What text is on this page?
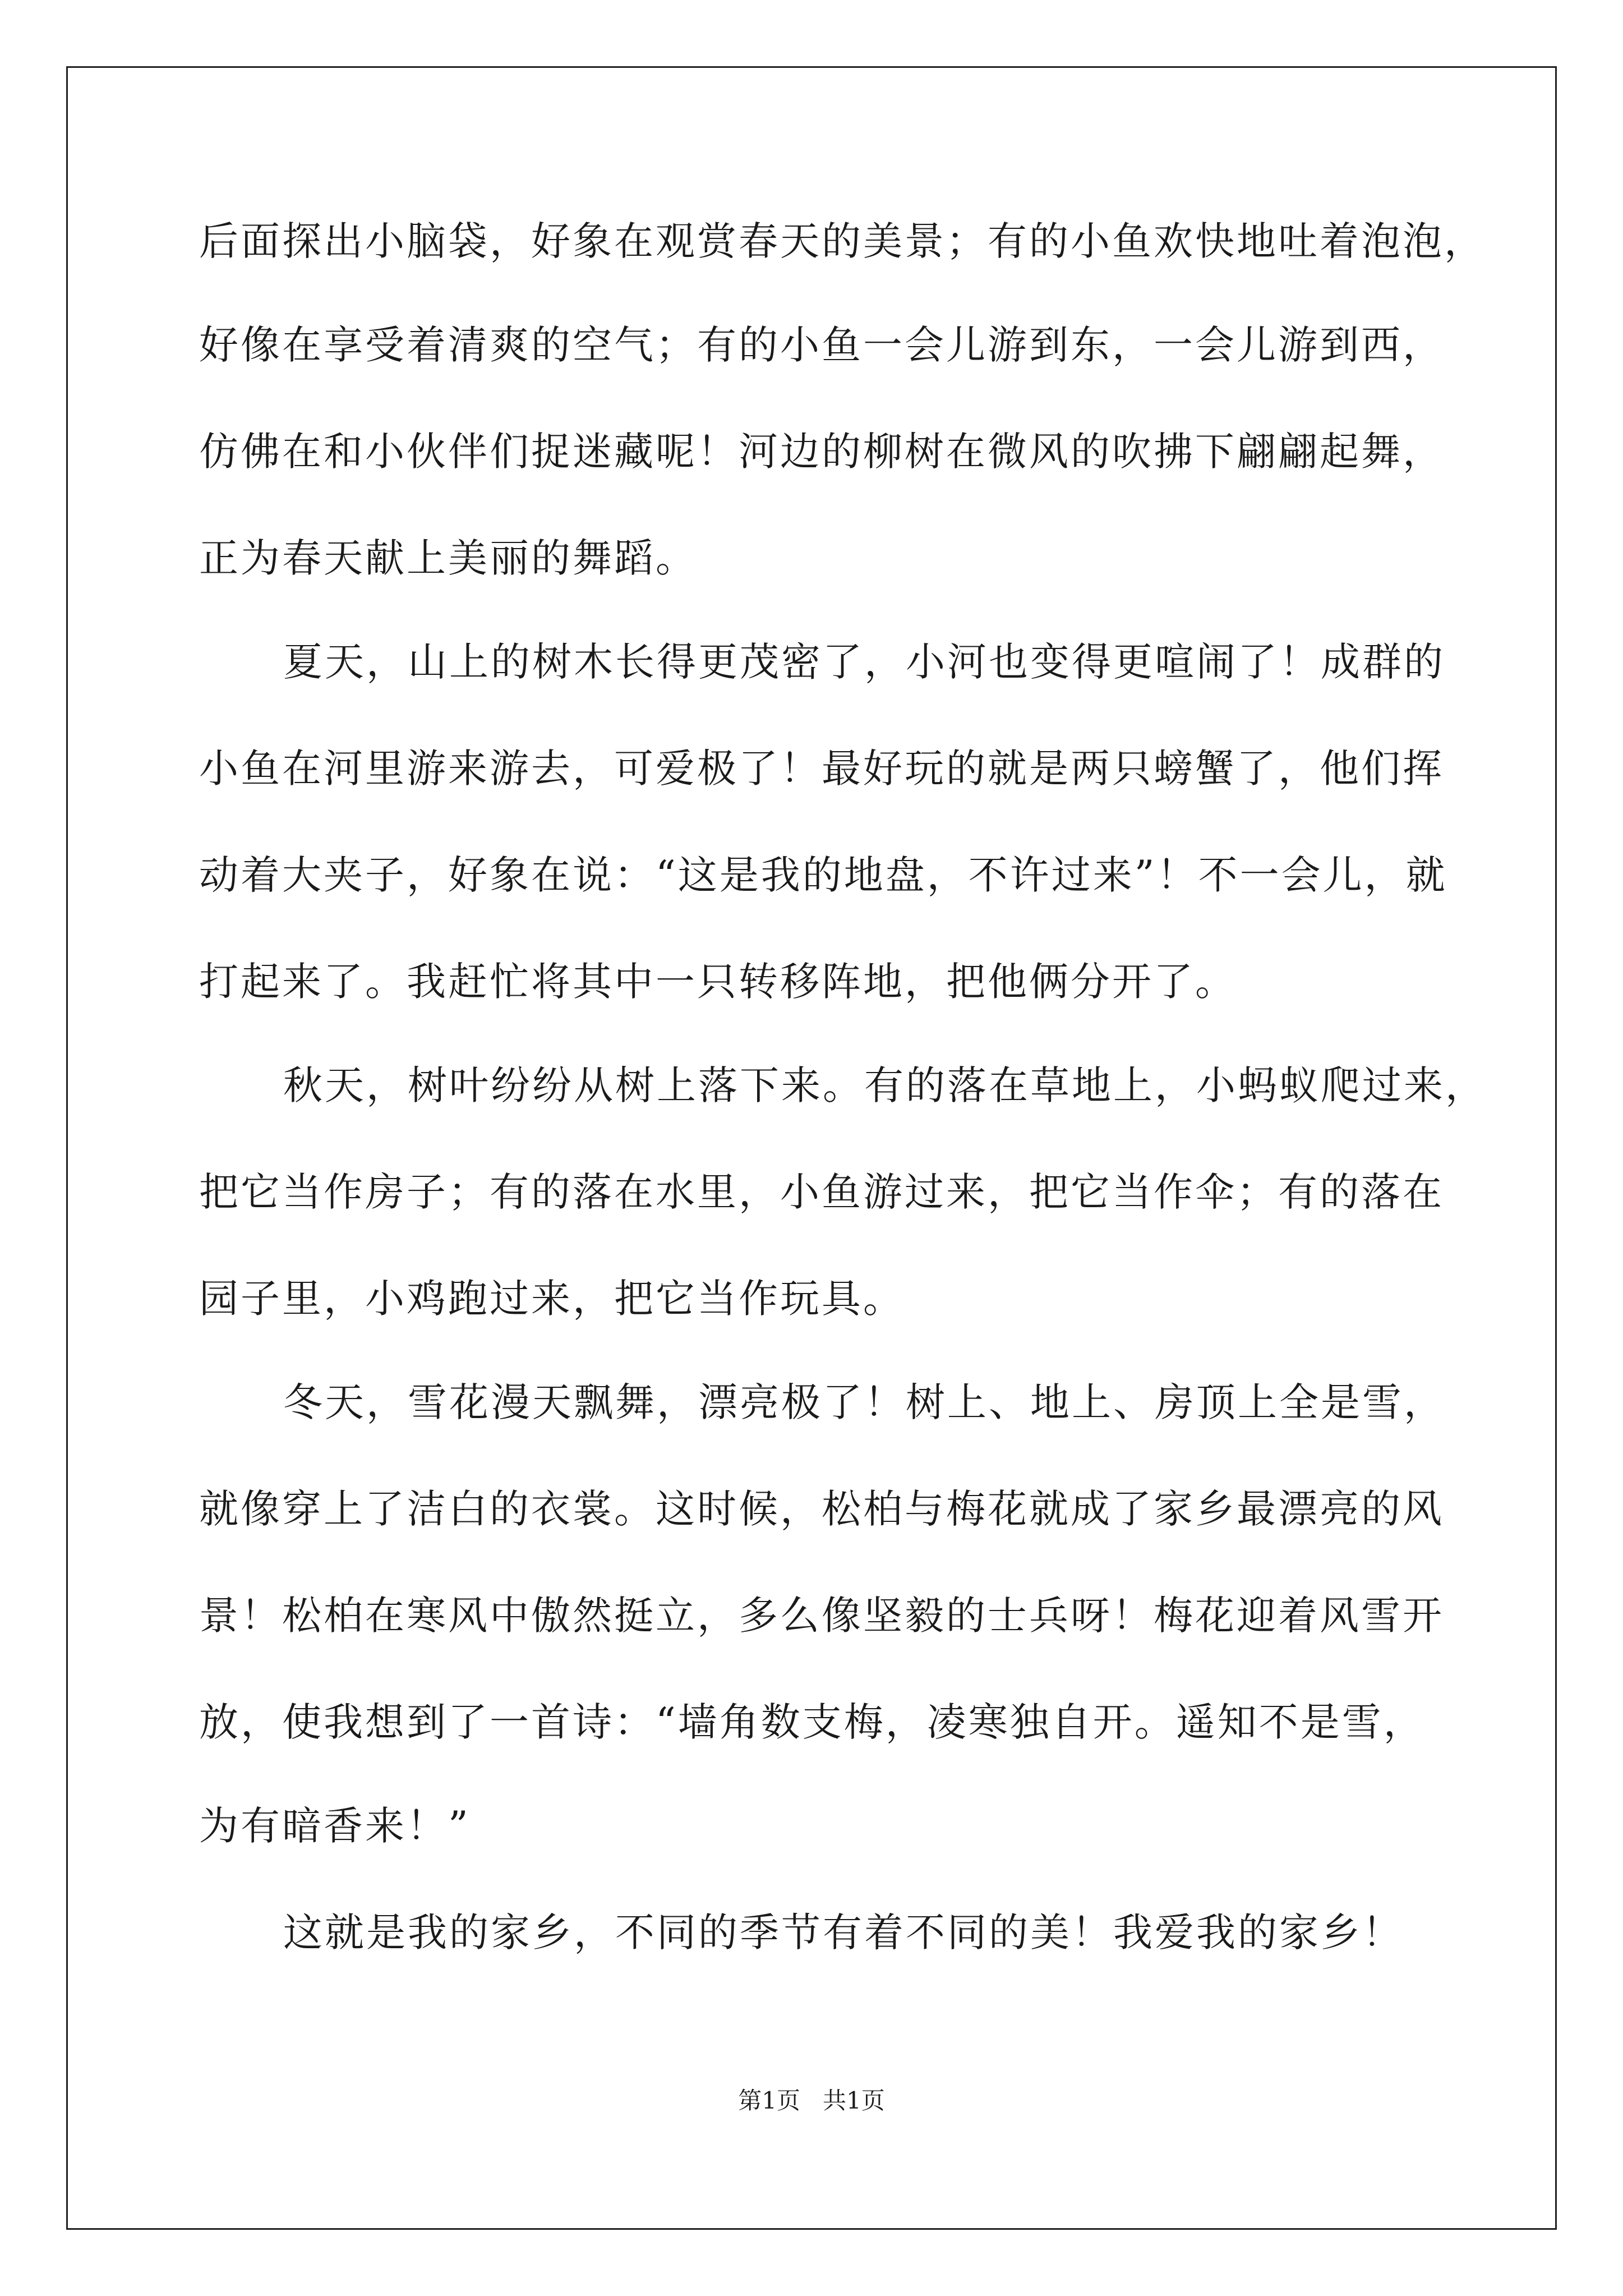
后面探出小脑袋，好象在观赏春天的美景；有的小鱼欢快地吐着泡泡，
好像在享受着清爽的空气；有的小鱼一会儿游到东，一会儿游到西，
仿佛在和小伙伴们捉迷藏呢！河边的柳树在微风的吹拂下翩翩起舞，
正为春天献上美丽的舞蹈。
夏天，山上的树木长得更茂密了，小河也变得更喧闹了！成群的
小鱼在河里游来游去，可爱极了！最好玩的就是两只螃蟹了，他们挥
动着大夹子，好象在说：“这是我的地盘，不许过来”！不一会儿，就
打起来了。我赶忙将其中一只转移阵地，把他俩分开了。
秋天，树叶纷纷从树上落下来。有的落在草地上，小蚂蚁爬过来，
把它当作房子；有的落在水里，小鱼游过来，把它当作伞；有的落在
园子里，小鸡跑过来，把它当作玩具。
冬天，雪花漫天飘舞，漂亮极了！树上、地上、房顶上全是雪，
就像穿上了洁白的衣裳。这时候，松柏与梅花就成了家乡最漂亮的风
景！松柏在寒风中傲然挺立，多么像坚毅的士兵呀！梅花迎着风雪开
放，使我想到了一首诗：“墙角数支梅，凌寒独自开。遥知不是雪，
为有暗香来！”
这就是我的家乡，不同的季节有着不同的美！我爱我的家乡！
第1页   共1页
